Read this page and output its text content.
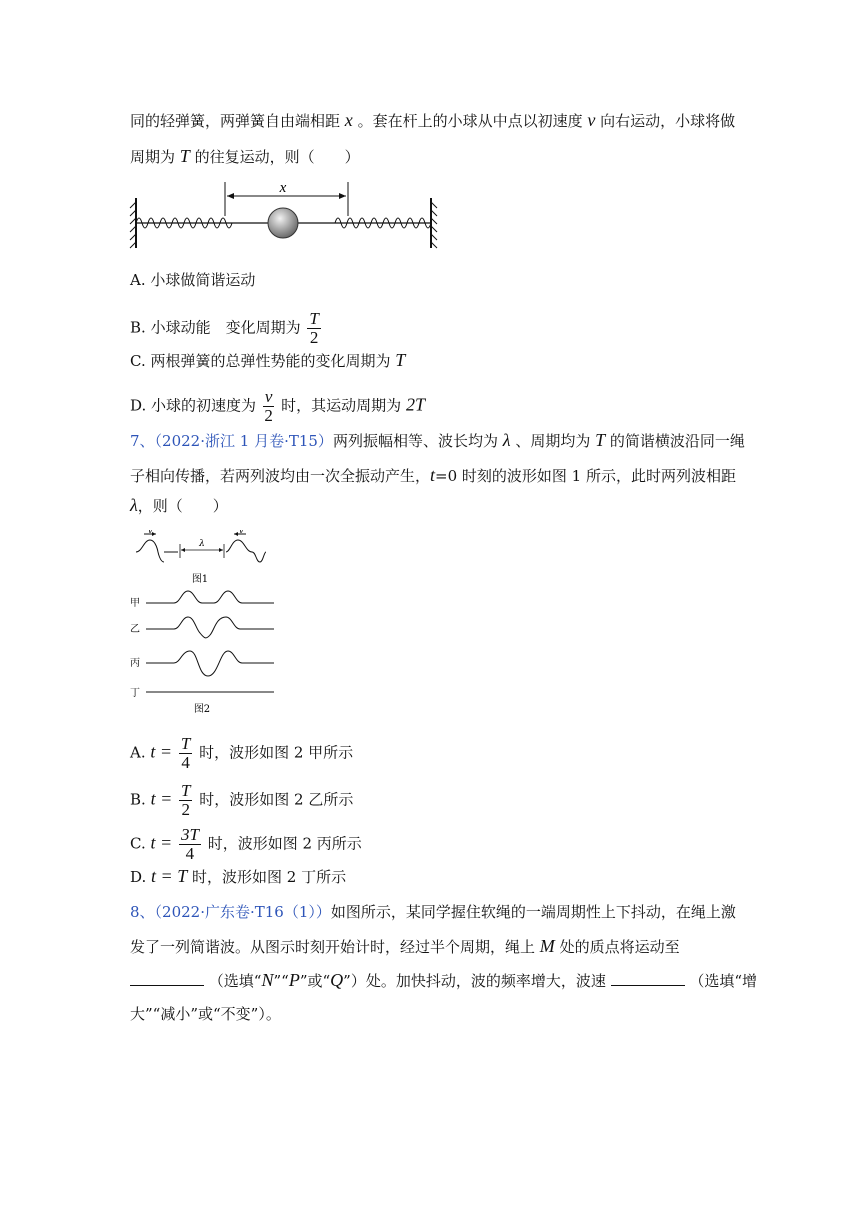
同的轻弹簧，两弹簧自由端相距 x 。套在杆上的小球从中点以初速度 v 向右运动，小球将做
周期为 T 的往复运动，则（　　）
x
A. 小球做简谐运动
B. 小球动能　变化周期为 $\frac{T}{2}$
C. 两根弹簧的总弹性势能的变化周期为 T
D. 小球的初速度为 $\frac{v}{2}$ 时，其运动周期为 2T
7、（2022·浙江 1 月卷·T15）两列振幅相等、波长均为 λ 、周期均为 T 的简谐横波沿同一绳
子相向传播，若两列波均由一次全振动产生，t=0 时刻的波形如图 1 所示，此时两列波相距
λ，则（　　）
v	v
λ
图1
甲
乙
丙
丁
图2
A. $t = \frac{T}{4}$ 时，波形如图 2 甲所示
B. $t = \frac{T}{2}$ 时，波形如图 2 乙所示
C. $t = \frac{3T}{4}$ 时，波形如图 2 丙所示
D. t = T 时，波形如图 2 丁所示
8、（2022·广东卷·T16（1））如图所示，某同学握住软绳的一端周期性上下抖动，在绳上激
发了一列简谐波。从图示时刻开始计时，经过半个周期，绳上 M 处的质点将运动至
（选填“N”“P”或“Q”）处。加快抖动，波的频率增大，波速	（选填“增
大”“减小”或“不变”）。
